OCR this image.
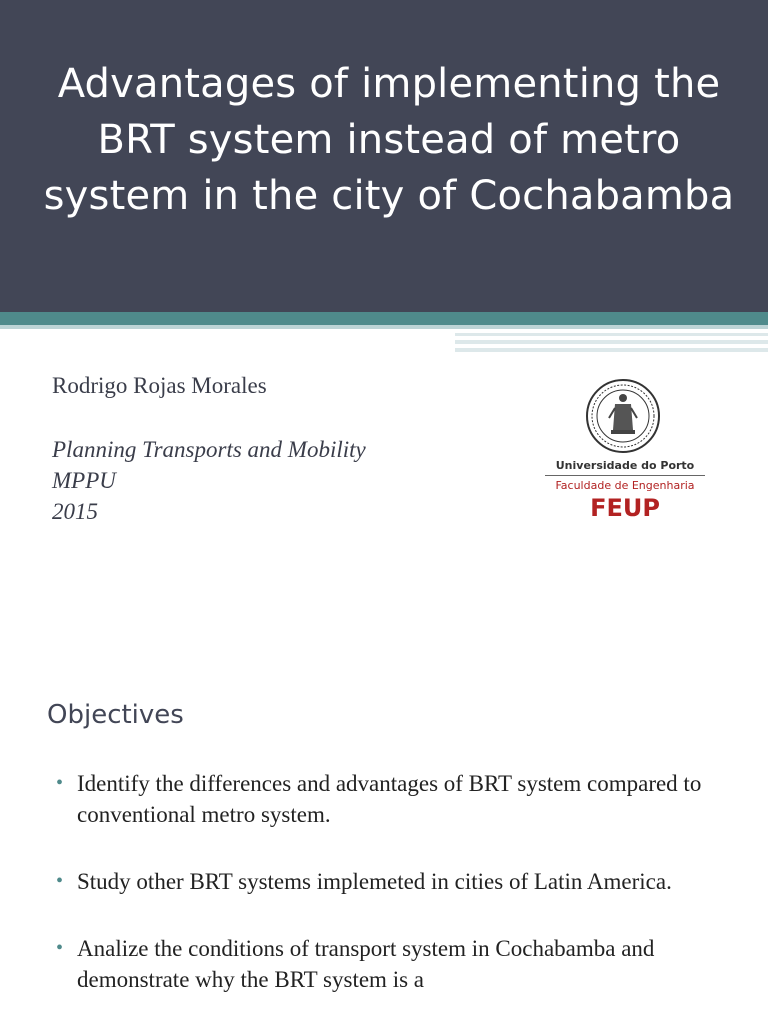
Advantages of implementing the BRT system instead of metro system in the city of Cochabamba

Rodrigo Rojas Morales

Planning Transports and Mobility
MPPU
2015
Universidade do Porto
Faculdade de Engenharia
FEUP
Objectives
• Identify the differences and advantages of BRT system compared to conventional metro system.
• Study other BRT systems implemeted in cities of Latin America.
• Analize the conditions of transport system in Cochabamba and demonstrate why the BRT system is a
